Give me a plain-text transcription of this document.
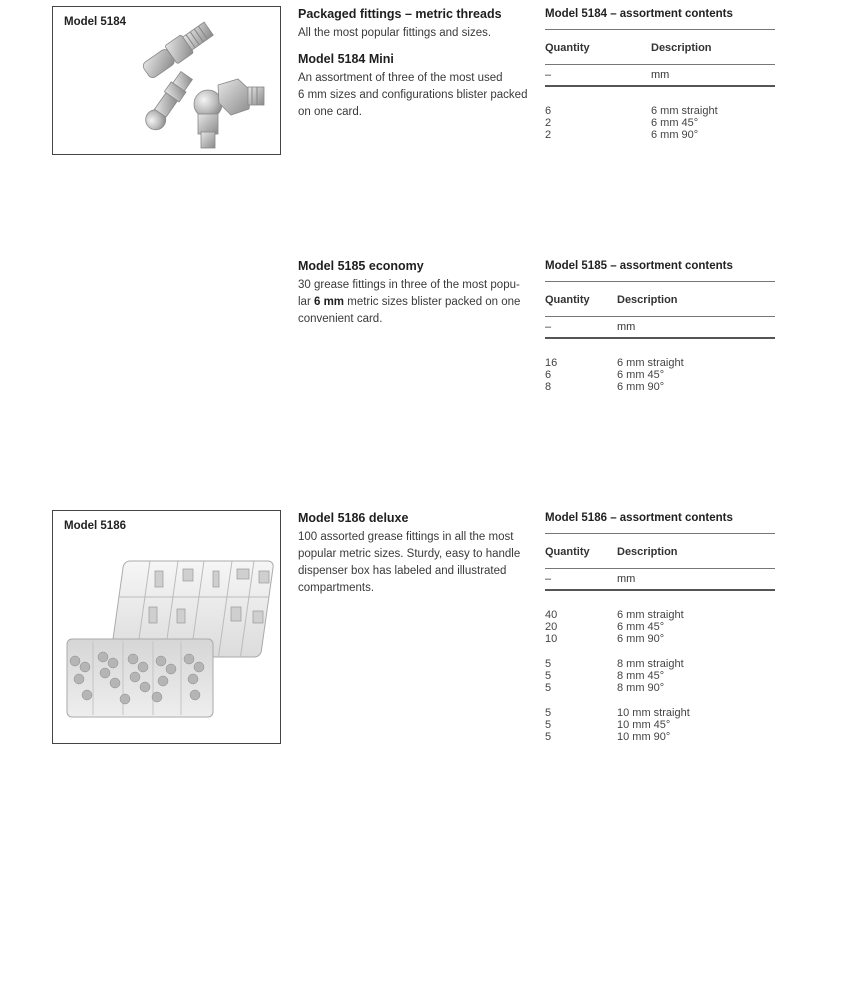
Model 5184
Packaged fittings – metric threads

All the most popular fittings and sizes.

Model 5184 Mini

An assortment of three of the most used
6 mm sizes and configurations blister packed
on one card.

Model 5184 – assortment contents
Quantity	Description
–	mm
6	6 mm straight
2	6 mm 45°
2	6 mm 90°
Model 5185 economy

30 grease fittings in three of the most popu-
lar 6 mm metric sizes blister packed on one
convenient card.

Model 5185 – assortment contents
Quantity Description
–	mm
16	6 mm straight
6	6 mm 45°
8	6 mm 90°
Model 5186
Model 5186 deluxe

100 assorted grease fittings in all the most
popular metric sizes. Sturdy, easy to handle
dispenser box has labeled and illustrated
compartments.

Model 5186 – assortment contents
Quantity Description
–	mm
40	6 mm straight
20	6 mm 45°
10	6 mm 90°
5	8 mm straight
5	8 mm 45°
5	8 mm 90°
5	10 mm straight
5	10 mm 45°
5	10 mm 90°
